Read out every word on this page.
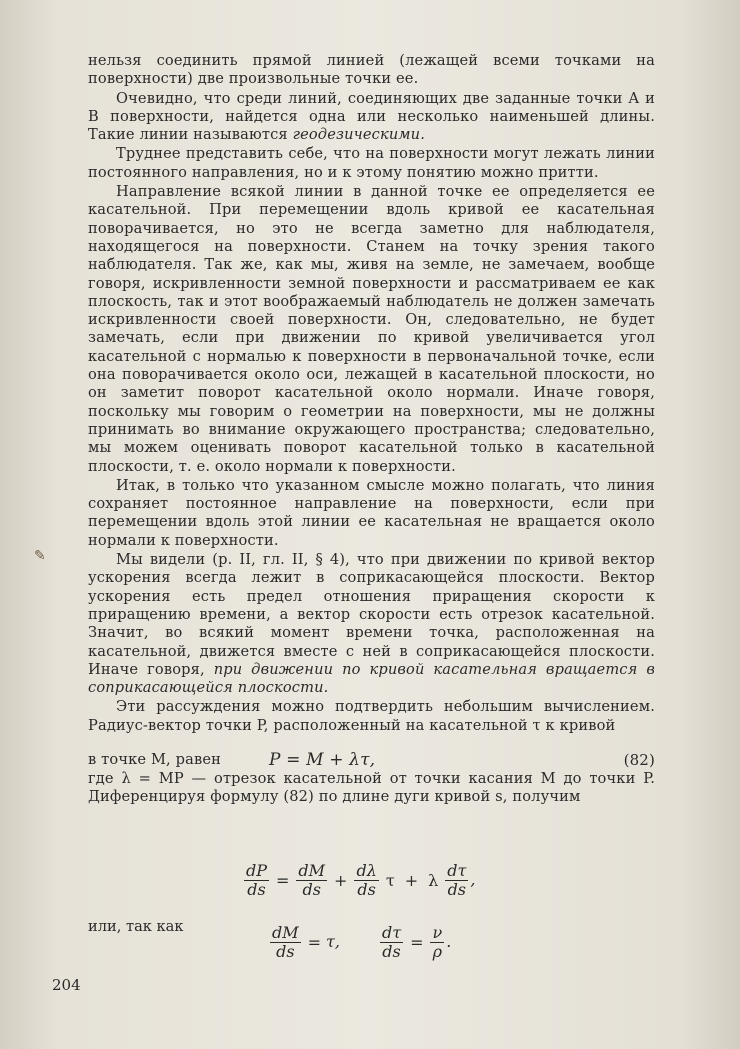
нельзя соединить прямой линией (лежащей всеми точками на поверхности) две произвольные точки ее.

Очевидно, что среди линий, соединяющих две заданные точки A и B поверхности, найдется одна или несколько наименьшей длины. Такие линии называются геодезическими.

Труднее представить себе, что на поверхности могут лежать линии постоянного направления, но и к этому понятию можно притти.

Направление всякой линии в данной точке ее определяется ее касательной. При перемещении вдоль кривой ее касательная поворачивается, но это не всегда заметно для наблюдателя, находящегося на поверхности. Станем на точку зрения такого наблюдателя. Так же, как мы, живя на земле, не замечаем, вообще говоря, искривленности земной поверхности и рассматриваем ее как плоскость, так и этот воображаемый наблюдатель не должен замечать искривленности своей поверхности. Он, следовательно, не будет замечать, если при движении по кривой увеличивается угол касательной с нормалью к поверхности в первоначальной точке, если она поворачивается около оси, лежащей в касательной плоскости, но он заметит поворот касательной около нормали. Иначе говоря, поскольку мы говорим о геометрии на поверхности, мы не должны принимать во внимание окружающего пространства; следовательно, мы можем оценивать поворот касательной только в касательной плоскости, т. е. около нормали к поверхности.

Итак, в только что указанном смысле можно полагать, что линия сохраняет постоянное направление на поверхности, если при перемещении вдоль этой линии ее касательная не вращается около нормали к поверхности.

Мы видели (р. II, гл. II, § 4), что при движении по кривой вектор ускорения всегда лежит в соприкасающейся плоскости. Вектор ускорения есть предел отношения приращения скорости к приращению времени, а вектор скорости есть отрезок касательной. Значит, во всякий момент времени точка, расположенная на касательной, движется вместе с ней в соприкасающейся плоскости. Иначе говоря, при движении по кривой касательная вращается в соприкасающейся плоскости.

Эти рассуждения можно подтвердить небольшим вычислением. Радиус-вектор точки P, расположенный на касательной τ к кривой

в точке M, равен	P = M + λτ,	(82)

где λ = MP — отрезок касательной от точки касания M до точки P. Диференцируя формулу (82) по длине дуги кривой s, получим

$\frac{dP}{ds} = \frac{dM}{ds} + \frac{d\lambda}{ds}$ τ + λ $\frac{d\tau}{ds}$ ,
или, так как	$\frac{dM}{ds} = \tau$,	$\frac{d\tau}{ds} = \frac{\nu}{\rho}$ .
✎
204
